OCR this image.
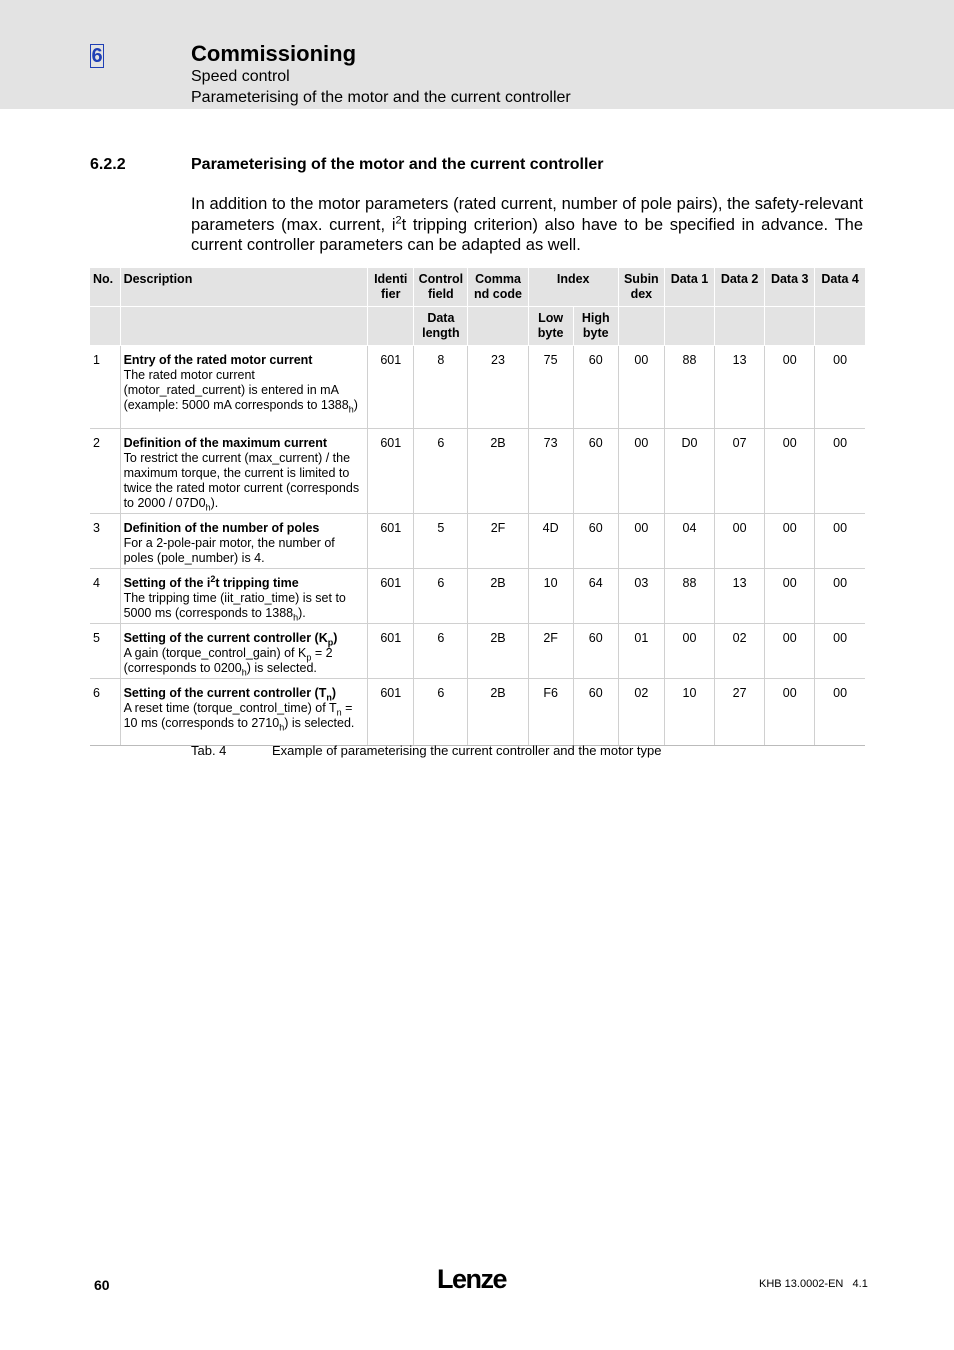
6	Commissioning
Speed control
Parameterising of the motor and the current controller
6.2.2	Parameterising of the motor and the current controller

In addition to the motor parameters (rated current, number of pole pairs), the safety-relevant parameters (max. current, $i^2t$ tripping criterion) also have to be specified in advance. The current controller parameters can be adapted as well.

No.	Description	Identi fier	Control field	Comma nd code	Index		Subin dex	Data 1	Data 2	Data 3	Data 4
			Data length		Low byte	High byte					
1	Entry of the rated motor current
The rated motor current (motor_rated_current) is entered in mA (example: 5000 mA corresponds to $1388_h$)	601	8	23	75	60	00	88	13	00	00
2	Definition of the maximum current
To restrict the current (max_current) / the maximum torque, the current is limited to twice the rated motor current (corresponds to $2000 / 07D0_h$).	601	6	2B	73	60	00	D0	07	00	00
3	Definition of the number of poles
For a 2-pole-pair motor, the number of poles (pole_number) is 4.	601	5	2F	4D	60	00	04	00	00	00
4	Setting of the $i^2t$ tripping time
The tripping time (iit_ratio_time) is set to 5000 ms (corresponds to $1388_h$).	601	6	2B	10	64	03	88	13	00	00
5	Setting of the current controller $(K_p)$
A gain (torque_control_gain) of $K_p = 2$ (corresponds to $0200_h$) is selected.	601	6	2B	2F	60	01	00	02	00	00
6	Setting of the current controller $(T_n)$
A reset time (torque_control_time) of $T_n = 10$ ms (corresponds to $2710_h$) is selected.	601	6	2B	F6	60	02	10	27	00	00
Tab. 4	Example of parameterising the current controller and the motor type
60	Lenze	KHB 13.0002-EN   4.1
